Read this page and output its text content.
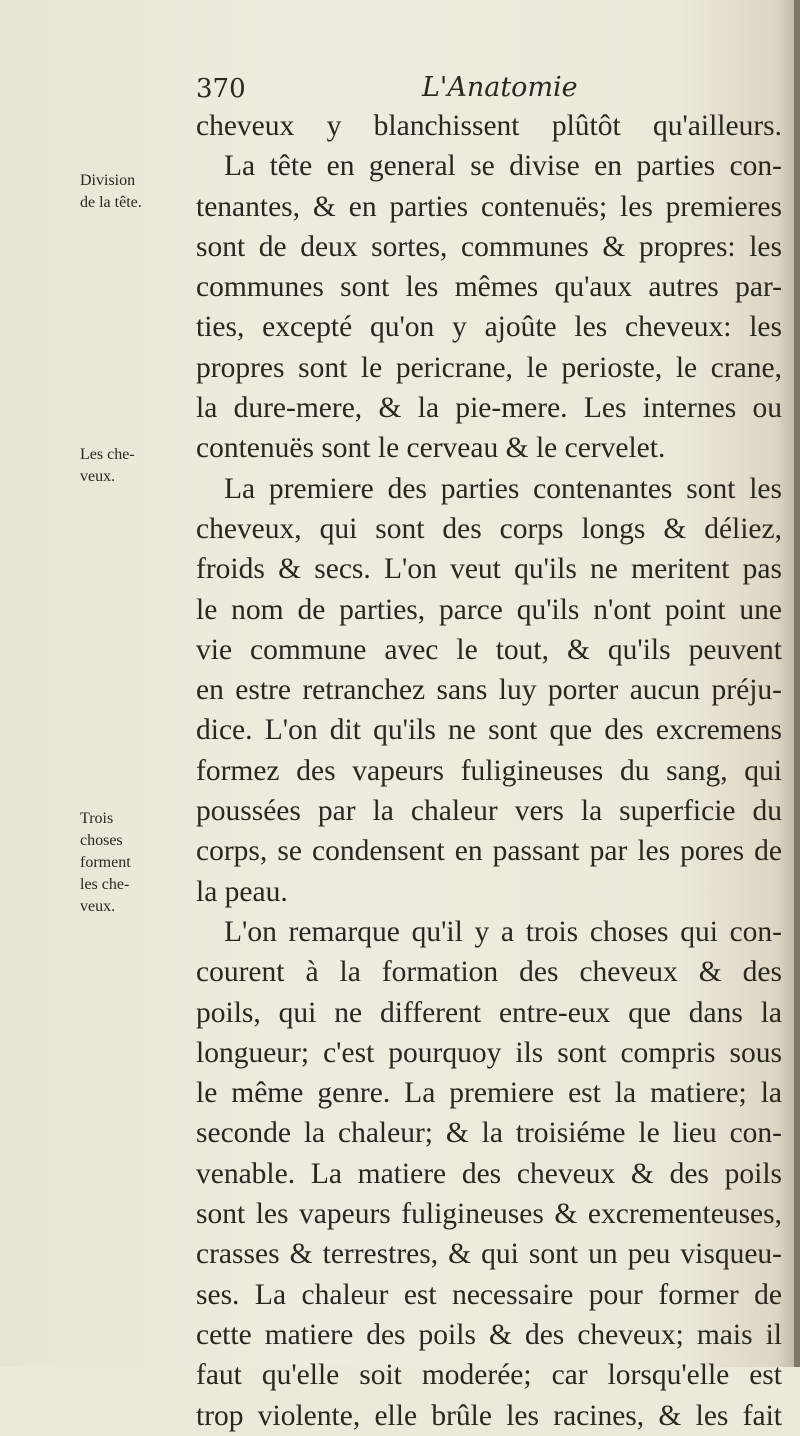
370	L'Anatomie
Division
de la tête.
Les che-
veux.
Trois
choses
forment
les che-
veux.
cheveux y blanchissent plûtôt qu'ailleurs.
La tête en general se divise en parties con-
tenantes, & en parties contenuës; les premieres
sont de deux sortes, communes & propres: les
communes sont les mêmes qu'aux autres par-
ties, excepté qu'on y ajoûte les cheveux: les
propres sont le pericrane, le perioste, le crane,
la dure-mere, & la pie-mere. Les internes ou
contenuës sont le cerveau & le cervelet.
La premiere des parties contenantes sont les
cheveux, qui sont des corps longs & déliez,
froids & secs. L'on veut qu'ils ne meritent pas
le nom de parties, parce qu'ils n'ont point une
vie commune avec le tout, & qu'ils peuvent
en estre retranchez sans luy porter aucun préju-
dice. L'on dit qu'ils ne sont que des excremens
formez des vapeurs fuligineuses du sang, qui
poussées par la chaleur vers la superficie du
corps, se condensent en passant par les pores de
la peau.
L'on remarque qu'il y a trois choses qui con-
courent à la formation des cheveux & des
poils, qui ne different entre-eux que dans la
longueur; c'est pourquoy ils sont compris sous
le même genre. La premiere est la matiere; la
seconde la chaleur; & la troisiéme le lieu con-
venable. La matiere des cheveux & des poils
sont les vapeurs fuligineuses & excrementeuses,
crasses & terrestres, & qui sont un peu visqueu-
ses. La chaleur est necessaire pour former de
cette matiere des poils & des cheveux; mais il
faut qu'elle soit moderée; car lorsqu'elle est
trop violente, elle brûle les racines, & les fait
